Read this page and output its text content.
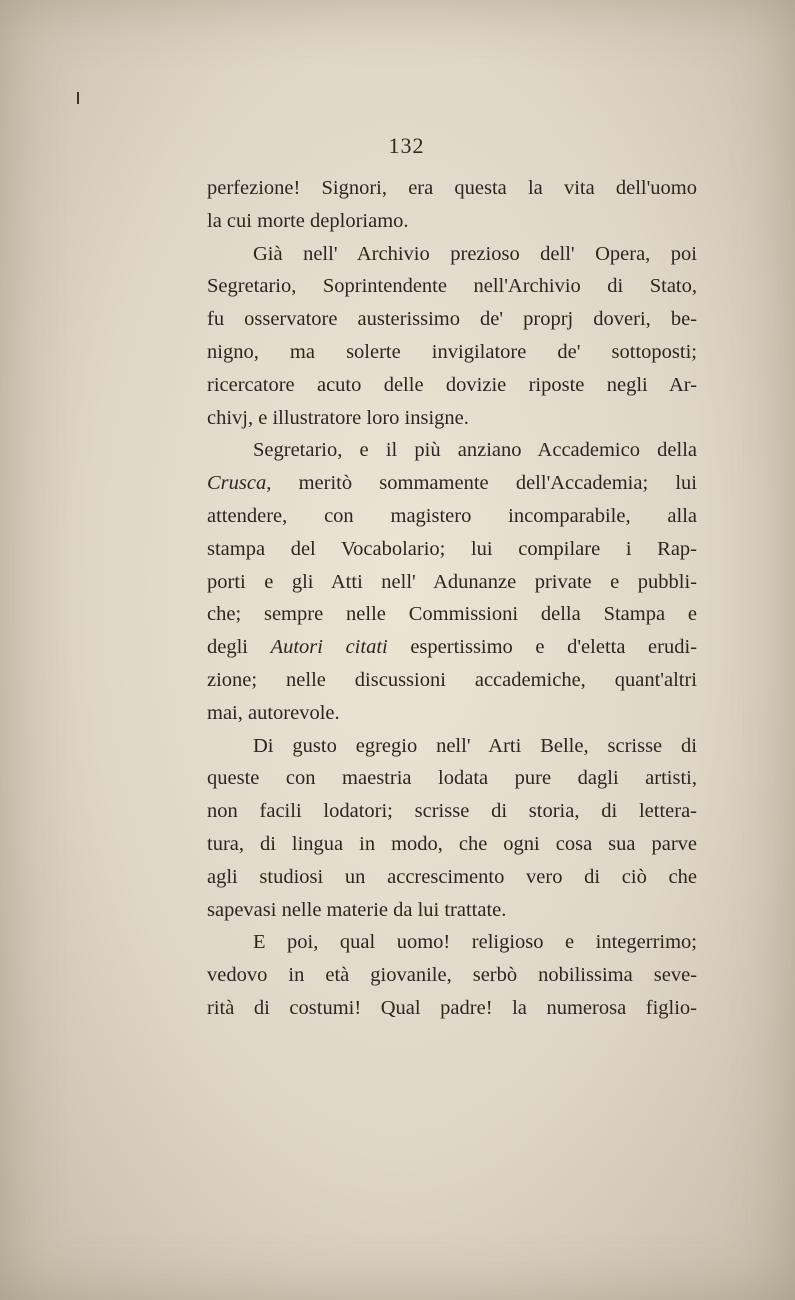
132
perfezione! Signori, era questa la vita dell'uomo
la cui morte deploriamo.
Già nell' Archivio prezioso dell' Opera, poi
Segretario, Soprintendente nell'Archivio di Stato,
fu osservatore austerissimo de' proprj doveri, be-
nigno, ma solerte invigilatore de' sottoposti;
ricercatore acuto delle dovizie riposte negli Ar-
chivj, e illustratore loro insigne.
Segretario, e il più anziano Accademico della
Crusca, meritò sommamente dell'Accademia; lui
attendere, con magistero incomparabile, alla
stampa del Vocabolario; lui compilare i Rap-
porti e gli Atti nell' Adunanze private e pubbli-
che; sempre nelle Commissioni della Stampa e
degli Autori citati espertissimo e d'eletta erudi-
zione; nelle discussioni accademiche, quant'altri
mai, autorevole.
Di gusto egregio nell' Arti Belle, scrisse di
queste con maestria lodata pure dagli artisti,
non facili lodatori; scrisse di storia, di lettera-
tura, di lingua in modo, che ogni cosa sua parve
agli studiosi un accrescimento vero di ciò che
sapevasi nelle materie da lui trattate.
E poi, qual uomo! religioso e integerrimo;
vedovo in età giovanile, serbò nobilissima seve-
rità di costumi! Qual padre! la numerosa figlio-
